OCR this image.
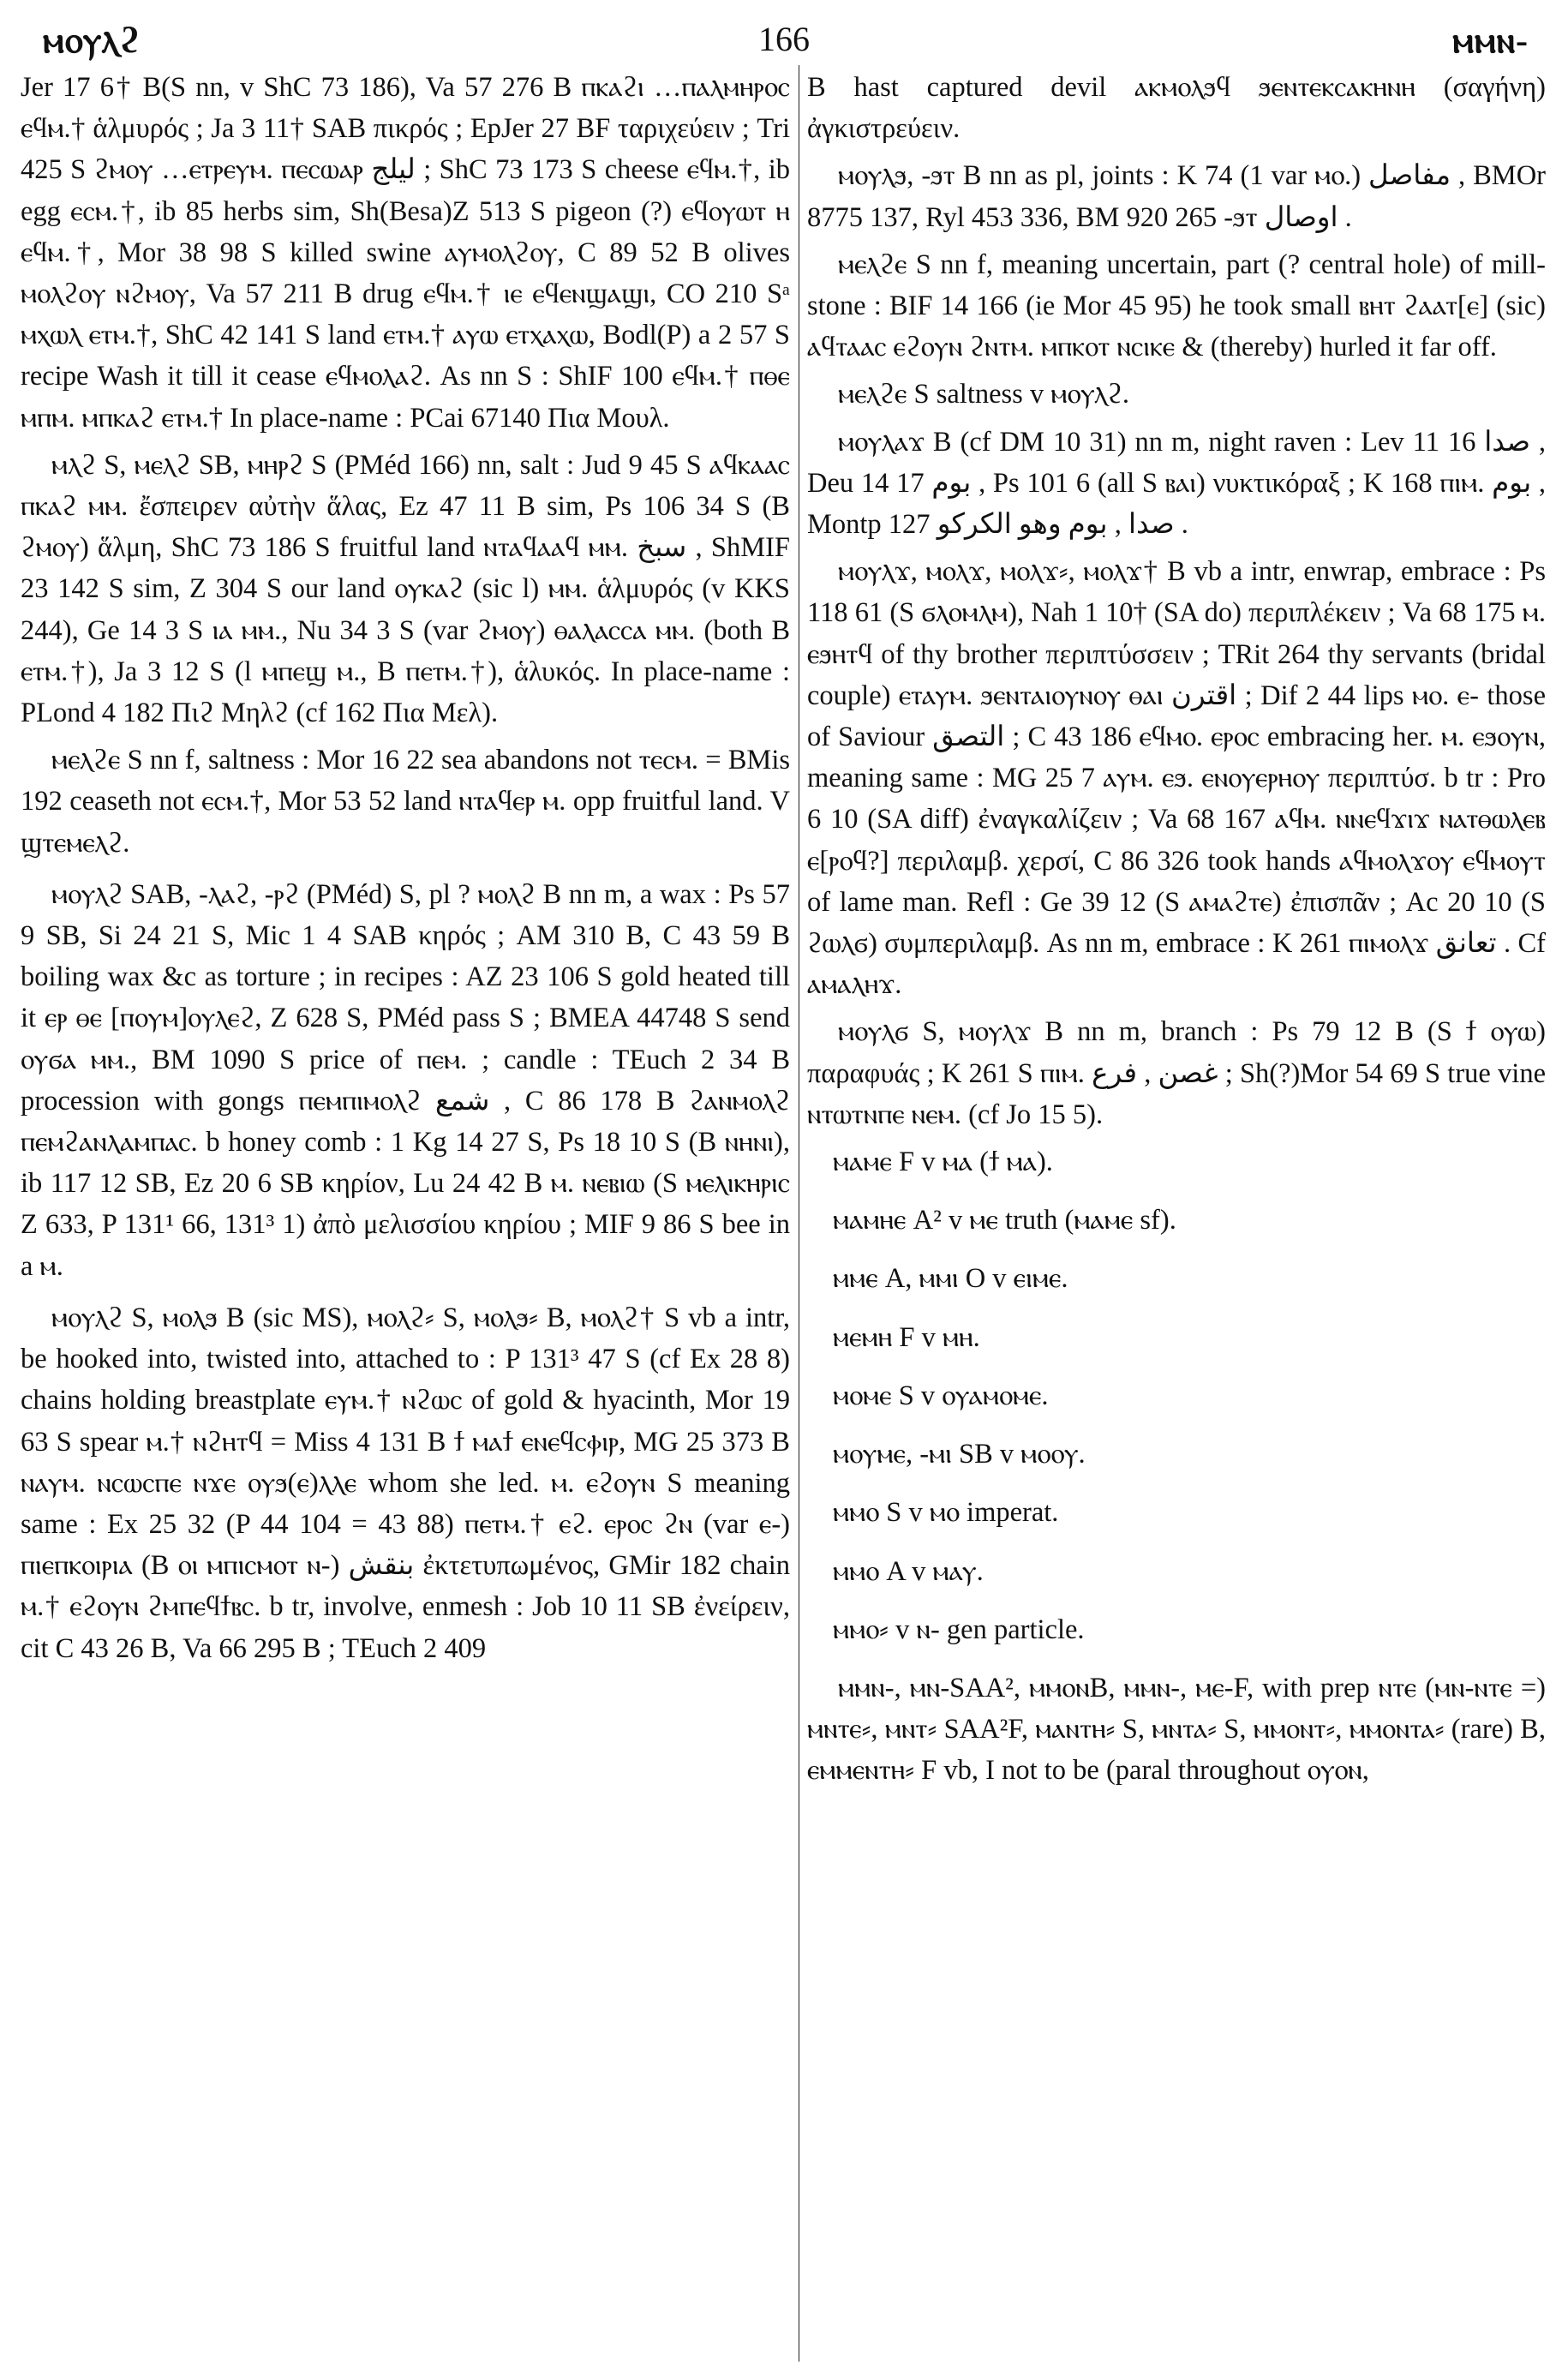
ⲙⲟⲩⲗϩ	166	ⲙⲙⲛ-

Jer 17 6† B(S nn, v ShC 73 186), Va 57 276 B ⲡⲕⲁϩⲓ …ⲡⲁⲗⲙⲏⲣⲟⲥ ⲉϥⲙ.† ἁλμυρός ; Ja 3 11† SAB πικρός ; EpJer 27 BF ταριχεύειν ; Tri 425 S ϩⲙⲟⲩ …ⲉⲧⲣⲉⲩⲙ. ⲡⲉⲥⲱⲁⲣ ليلج ; ShC 73 173 S cheese ⲉϥⲙ.†, ib egg ⲉⲥⲙ.†, ib 85 herbs sim, Sh(Besa)Z 513 S pigeon (?) ⲉϥⲟⲩⲱⲧ ⲏ ⲉϥⲙ.†, Mor 38 98 S killed swine ⲁⲩⲙⲟⲗϩⲟⲩ, C 89 52 B olives ⲙⲟⲗϩⲟⲩ ⲛϩⲙⲟⲩ, Va 57 211 B drug ⲉϥⲙ.† ⲓⲉ ⲉϥⲉⲛϣⲁϣⲓ, CO 210 Sᵃ ⲙⲭⲱⲗ ⲉⲧⲙ.†, ShC 42 141 S land ⲉⲧⲙ.† ⲁⲩⲱ ⲉⲧⲭⲁⲭⲱ, Bodl(P) a 2 57 S recipe Wash it till it cease ⲉϥⲙⲟⲗⲁϩ. As nn S : ShIF 100 ⲉϥⲙ.† ⲡⲑⲉ ⲙⲡⲙ. ⲙⲡⲕⲁϩ ⲉⲧⲙ.† In place-name : PCai 67140 Πια Μουλ.

ⲙⲗϩ S, ⲙⲉⲗϩ SB, ⲙⲏⲣϩ S (PMéd 166) nn, salt : Jud 9 45 S ⲁϥⲕⲁⲁⲥ ⲡⲕⲁϩ ⲙⲙ. ἔσπειρεν αὐτὴν ἅλας, Ez 47 11 B sim, Ps 106 34 S (B ϩⲙⲟⲩ) ἅλμη, ShC 73 186 S fruitful land ⲛⲧⲁϥⲁⲁϥ ⲙⲙ. سبخ , ShMIF 23 142 S sim, Z 304 S our land ⲟⲩⲕⲁϩ (sic l) ⲙⲙ. ἁλμυρός (v KKS 244), Ge 14 3 S ⲓⲁ ⲙⲙ., Nu 34 3 S (var ϩⲙⲟⲩ) ⲑⲁⲗⲁⲥⲥⲁ ⲙⲙ. (both B ⲉⲧⲙ.†), Ja 3 12 S (l ⲙⲡⲉϣ ⲙ., B ⲡⲉⲧⲙ.†), ἁλυκός. In place-name : PLond 4 182 Πιϩ Μηλϩ (cf 162 Πια Μελ).

ⲙⲉⲗϩⲉ S nn f, saltness : Mor 16 22 sea abandons not ⲧⲉⲥⲙ. = BMis 192 ceaseth not ⲉⲥⲙ.†, Mor 53 52 land ⲛⲧⲁϥⲉⲣ ⲙ. opp fruitful land. V ϣⲧⲉⲙⲉⲗϩ.

ⲙⲟⲩⲗϩ SAB, -ⲗⲁϩ, -ⲣϩ (PMéd) S, pl ? ⲙⲟⲗϩ B nn m, a wax : Ps 57 9 SB, Si 24 21 S, Mic 1 4 SAB κηρός ; AM 310 B, C 43 59 B boiling wax &c as torture ; in recipes : AZ 23 106 S gold heated till it ⲉⲣ ⲑⲉ [ⲡⲟⲩⲙ]ⲟⲩⲗⲉϩ, Z 628 S, PMéd pass S ; BMEA 44748 S send ⲟⲩϭⲁ ⲙⲙ., BM 1090 S price of ⲡⲉⲙ. ; candle : TEuch 2 34 B procession with gongs ⲡⲉⲙⲡⲓⲙⲟⲗϩ شمع , C 86 178 B ϩⲁⲛⲙⲟⲗϩ ⲡⲉⲙϩⲁⲛⲗⲁⲙⲡⲁⲥ. b honey comb : 1 Kg 14 27 S, Ps 18 10 S (B ⲛⲏⲛⲓ), ib 117 12 SB, Ez 20 6 SB κηρίον, Lu 24 42 B ⲙ. ⲛⲉⲃⲓⲱ (S ⲙⲉⲗⲓⲕⲏⲣⲓⲥ Z 633, P 131¹ 66, 131³ 1) ἀπὸ μελισσίου κηρίου ; MIF 9 86 S bee in a ⲙ.

ⲙⲟⲩⲗϩ S, ⲙⲟⲗϧ B (sic MS), ⲙⲟⲗϩ⸗ S, ⲙⲟⲗϧ⸗ B, ⲙⲟⲗϩ† S vb a intr, be hooked into, twisted into, attached to : P 131³ 47 S (cf Ex 28 8) chains holding breastplate ⲉⲩⲙ.† ⲛϩⲱⲥ of gold & hyacinth, Mor 19 63 S spear ⲙ.† ⲛϩⲏⲧϥ = Miss 4 131 B ϯ ⲙⲁϯ ⲉⲛⲉϥⲥⲫⲓⲣ, MG 25 373 B ⲛⲁⲩⲙ. ⲛⲥⲱⲥⲡⲉ ⲛϫⲉ ⲟⲩϧ(ⲉ)ⲗⲗⲉ whom she led. ⲙ. ⲉϩⲟⲩⲛ S meaning same : Ex 25 32 (P 44 104 = 43 88) ⲡⲉⲧⲙ.† ⲉϩ. ⲉⲣⲟⲥ ϩⲛ (var ⲉ-) ⲡⲓⲉⲡⲕⲟⲓⲣⲓⲁ (B ⲟⲓ ⲙⲡⲓⲥⲙⲟⲧ ⲛ-) بنقش ἐκτετυπωμένος, GMir 182 chain ⲙ.† ⲉϩⲟⲩⲛ ϩⲙⲡⲉϥϯⲃⲥ. b tr, involve, enmesh : Job 10 11 SB ἐνείρειν, cit C 43 26 B, Va 66 295 B ; TEuch 2 409

B hast captured devil ⲁⲕⲙⲟⲗϧϥ ϧⲉⲛⲧⲉⲕⲥⲁⲕⲏⲛⲏ (σαγήνη) ἀγκιστρεύειν.

ⲙⲟⲩⲗϧ, -ϧⲧ B nn as pl, joints : K 74 (1 var ⲙⲟ.) مفاصل , BMOr 8775 137, Ryl 453 336, BM 920 265 -ϧⲧ اوصال .

ⲙⲉⲗϩⲉ S nn f, meaning uncertain, part (? central hole) of mill-stone : BIF 14 166 (ie Mor 45 95) he took small ⲃⲏⲧ ϩⲁⲁⲧ[ⲉ] (sic) ⲁϥⲧⲁⲁⲥ ⲉϩⲟⲩⲛ ϩⲛⲧⲙ. ⲙⲡⲕⲟⲧ ⲛⲥⲓⲕⲉ & (thereby) hurled it far off.

ⲙⲉⲗϩⲉ S saltness v ⲙⲟⲩⲗϩ.

ⲙⲟⲩⲗⲁϫ B (cf DM 10 31) nn m, night raven : Lev 11 16 صدا , Deu 14 17 بوم , Ps 101 6 (all S ⲃⲁⲓ) νυκτικόραξ ; K 168 ⲡⲓⲙ. بوم , Montp 127 صدا , بوم وهو الكركو .

ⲙⲟⲩⲗϫ, ⲙⲟⲗϫ, ⲙⲟⲗϫ⸗, ⲙⲟⲗϫ† B vb a intr, enwrap, embrace : Ps 118 61 (S ϭⲗⲟⲙⲗⲙ), Nah 1 10† (SA do) περιπλέκειν ; Va 68 175 ⲙ. ⲉϧⲏⲧϥ of thy brother περιπτύσσειν ; TRit 264 thy servants (bridal couple) ⲉⲧⲁⲩⲙ. ϧⲉⲛⲧⲁⲓⲟⲩⲛⲟⲩ ⲑⲁⲓ اقترن ; Dif 2 44 lips ⲙⲟ. ⲉ- those of Saviour التصق ; C 43 186 ⲉϥⲙⲟ. ⲉⲣⲟⲥ embracing her. ⲙ. ⲉϧⲟⲩⲛ, meaning same : MG 25 7 ⲁⲩⲙ. ⲉϧ. ⲉⲛⲟⲩⲉⲣⲏⲟⲩ περιπτύσ. b tr : Pro 6 10 (SA diff) ἐναγκαλίζειν ; Va 68 167 ⲁϥⲙ. ⲛⲛⲉϥϫⲓϫ ⲛⲁⲧⲑⲱⲗⲉⲃ ⲉ[ⲣⲟϥ?] περιλαμβ. χερσί, C 86 326 took hands ⲁϥⲙⲟⲗϫⲟⲩ ⲉϥⲙⲟⲩⲧ of lame man. Refl : Ge 39 12 (S ⲁⲙⲁϩⲧⲉ) ἐπισπᾶν ; Ac 20 10 (S ϩⲱⲗϭ) συμπεριλαμβ. As nn m, embrace : K 261 ⲡⲓⲙⲟⲗϫ تعانق . Cf ⲁⲙⲁⲗⲏϫ.

ⲙⲟⲩⲗϭ S, ⲙⲟⲩⲗϫ B nn m, branch : Ps 79 12 B (S ϯ ⲟⲩⲱ) παραφυάς ; K 261 S ⲡⲓⲙ. غصن , فرع ; Sh(?)Mor 54 69 S true vine ⲛⲧⲱⲧⲛⲡⲉ ⲛⲉⲙ. (cf Jo 15 5).

ⲙⲁⲙⲉ F v ⲙⲁ (ϯ ⲙⲁ).

ⲙⲁⲙⲏⲉ A² v ⲙⲉ truth (ⲙⲁⲙⲉ sf).

ⲙⲙⲉ A, ⲙⲙⲓ O v ⲉⲓⲙⲉ.

ⲙⲉⲙⲏ F v ⲙⲏ.

ⲙⲟⲙⲉ S v ⲟⲩⲁⲙⲟⲙⲉ.

ⲙⲟⲩⲙⲉ, -ⲙⲓ SB v ⲙⲟⲟⲩ.

ⲙⲙⲟ S v ⲙⲟ imperat.

ⲙⲙⲟ A v ⲙⲁⲩ.

ⲙⲙⲟ⸗ v ⲛ- gen particle.

ⲙⲙⲛ-, ⲙⲛ-SAA², ⲙⲙⲟⲛB, ⲙⲙⲛ-, ⲙⲉ-F, with prep ⲛⲧⲉ (ⲙⲛ-ⲛⲧⲉ =) ⲙⲛⲧⲉ⸗, ⲙⲛⲧ⸗ SAA²F, ⲙⲁⲛⲧⲏ⸗ S, ⲙⲛⲧⲁ⸗ S, ⲙⲙⲟⲛⲧ⸗, ⲙⲙⲟⲛⲧⲁ⸗ (rare) B, ⲉⲙⲙⲉⲛⲧⲏ⸗ F vb, I not to be (paral throughout ⲟⲩⲟⲛ,
